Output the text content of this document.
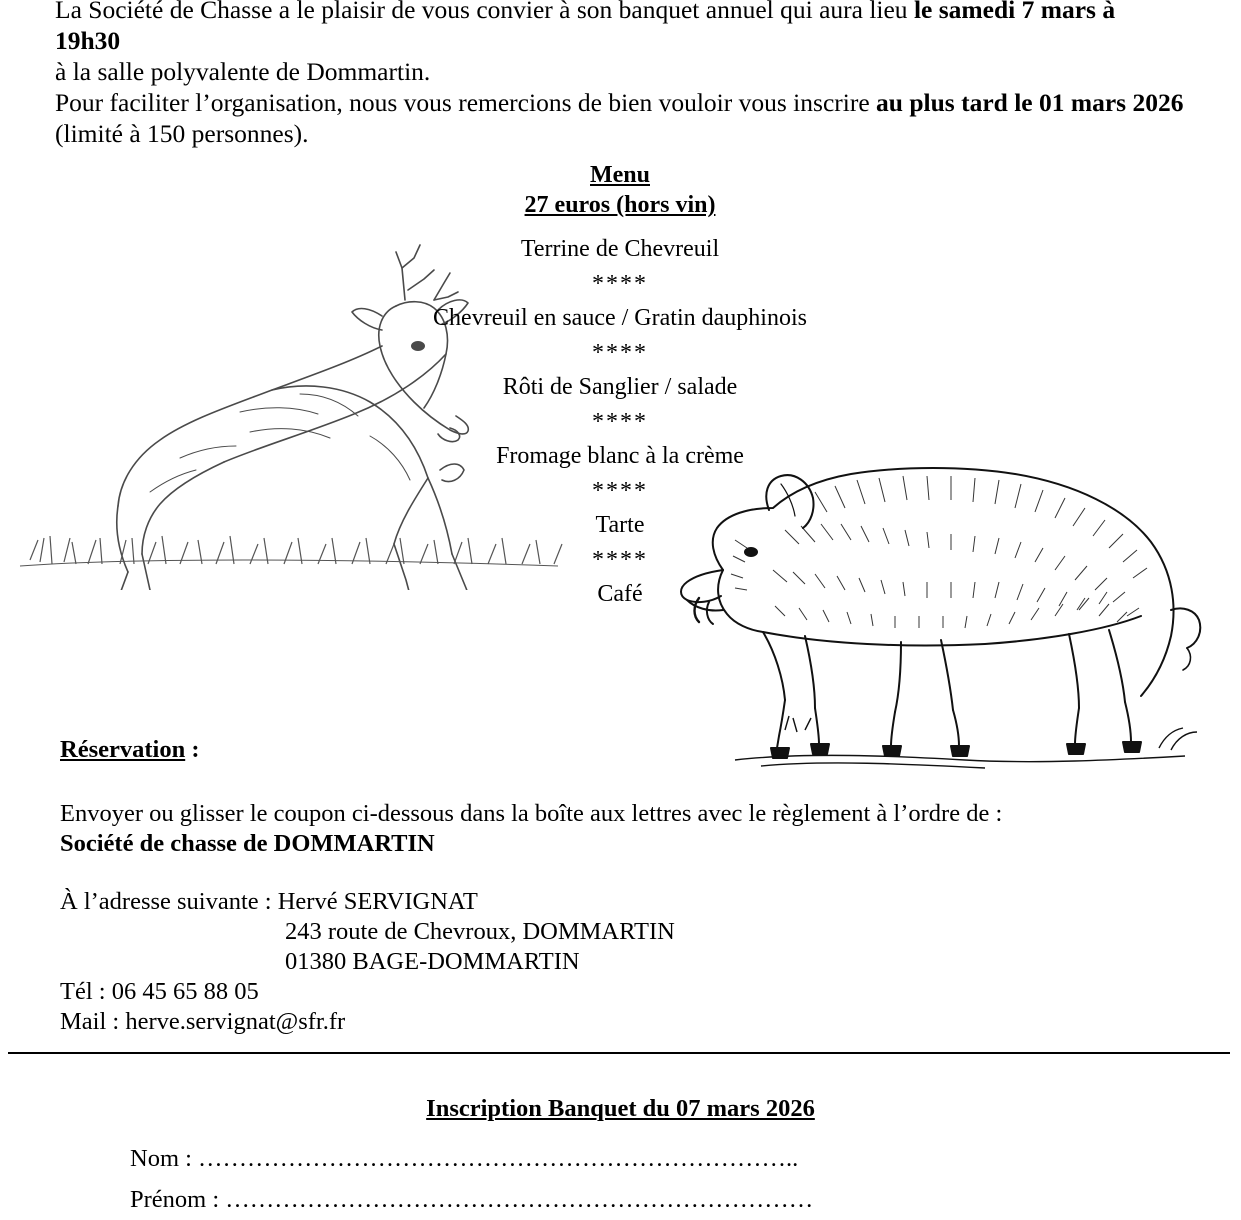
La Société de Chasse a le plaisir de vous convier à son banquet annuel qui aura lieu le samedi 7 mars à 19h30

à la salle polyvalente de Dommartin.

Pour faciliter l’organisation, nous vous remercions de bien vouloir vous inscrire au plus tard le 01 mars 2026

(limité à 150 personnes).

Menu
27 euros (hors vin)
Terrine de Chevreuil
****
Chevreuil en sauce / Gratin dauphinois
****
Rôti de Sanglier / salade
****
Fromage blanc à la crème
****
Tarte
****
Café
Réservation :

Envoyer ou glisser le coupon ci-dessous dans la boîte aux lettres avec le règlement à l’ordre de :

Société de chasse de DOMMARTIN

À l’adresse suivante : Hervé SERVIGNAT

243 route de Chevroux, DOMMARTIN

01380 BAGE-DOMMARTIN

Tél : 06 45 65 88 05

Mail : herve.servignat@sfr.fr

Inscription Banquet du 07 mars 2026

Nom : ………………………………………………………………..

Prénom : ………………………………………………………………
